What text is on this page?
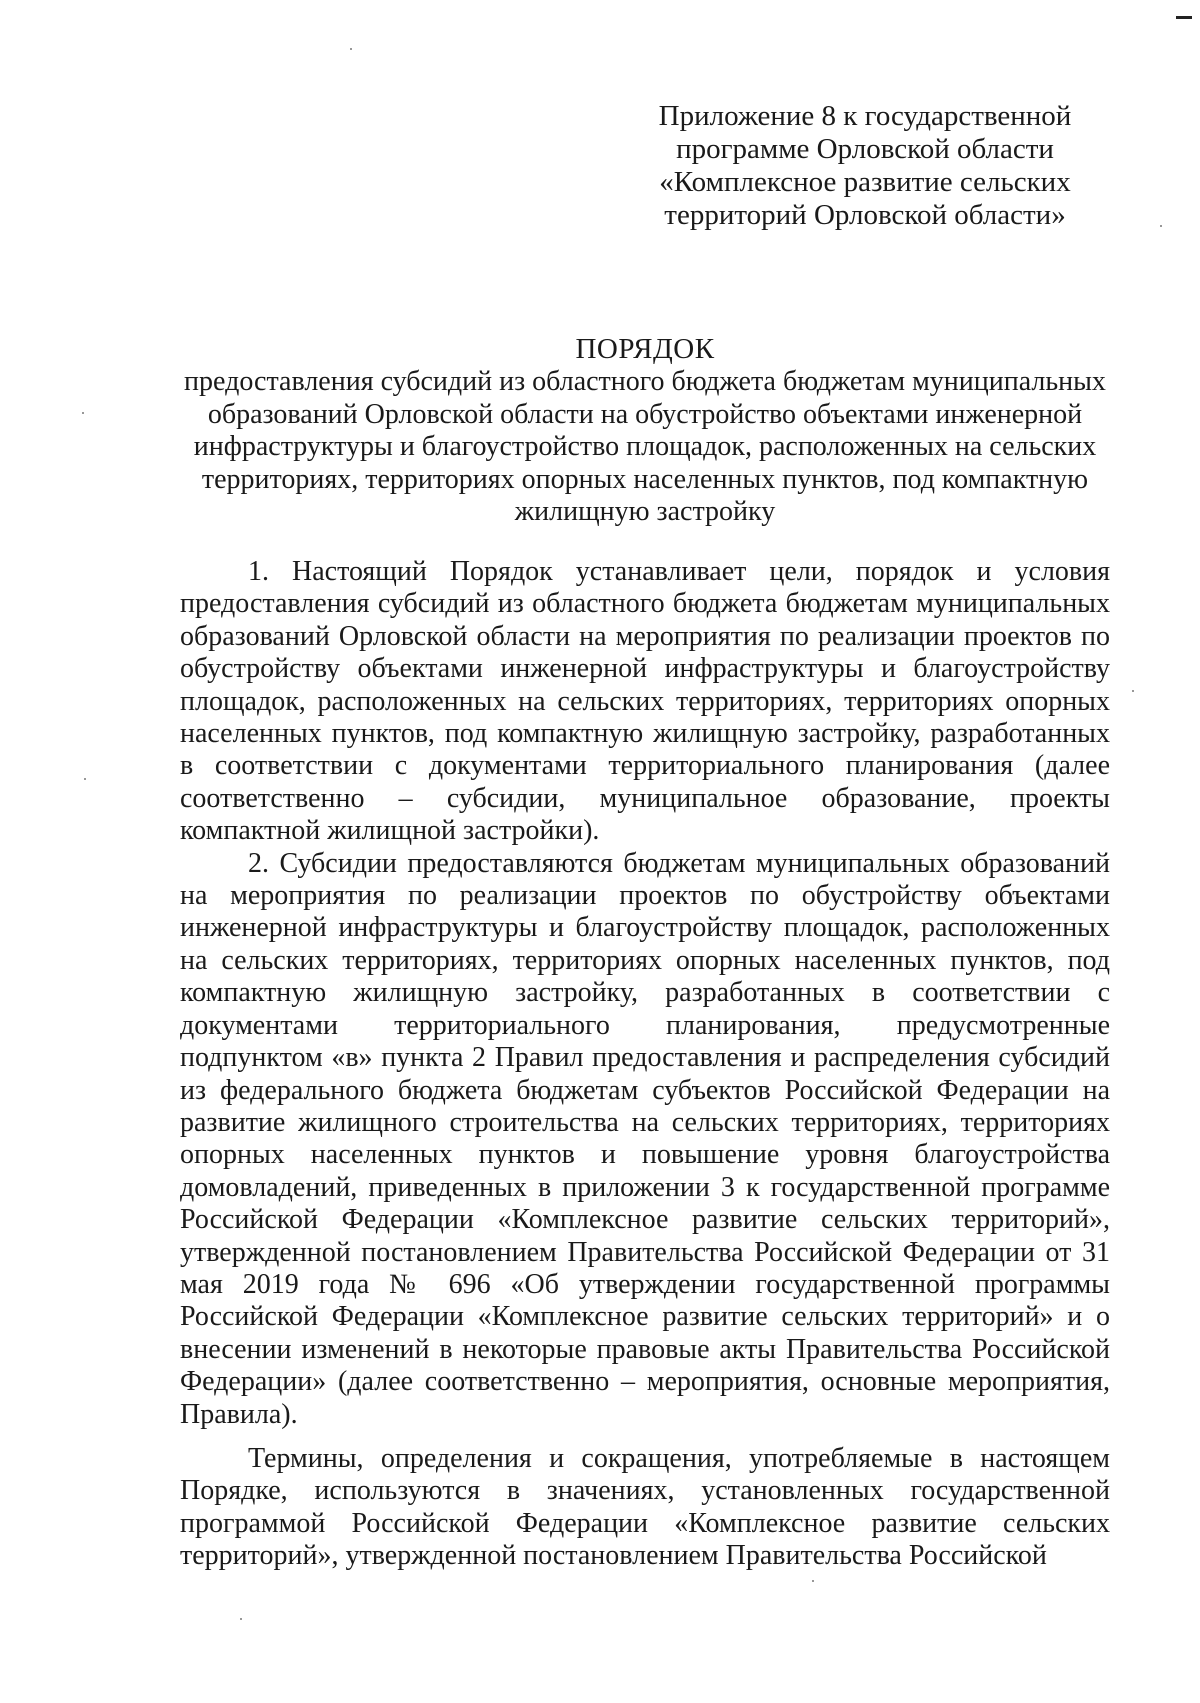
Приложение 8 к государственной
программе Орловской области
«Комплексное развитие сельских
территорий Орловской области»
ПОРЯДОК
предоставления субсидий из областного бюджета бюджетам муниципальных образований Орловской области на обустройство объектами инженерной инфраструктуры и благоустройство площадок, расположенных на сельских территориях, территориях опорных населенных пунктов, под компактную жилищную застройку

1. Настоящий Порядок устанавливает цели, порядок и условия предоставления субсидий из областного бюджета бюджетам муниципальных образований Орловской области на мероприятия по реализации проектов по обустройству объектами инженерной инфраструктуры и благоустройству площадок, расположенных на сельских территориях, территориях опорных населенных пунктов, под компактную жилищную застройку, разработанных в соответствии с документами территориального планирования (далее соответственно – субсидии, муниципальное образование, проекты компактной жилищной застройки).

2. Субсидии предоставляются бюджетам муниципальных образований на мероприятия по реализации проектов по обустройству объектами инженерной инфраструктуры и благоустройству площадок, расположенных на сельских территориях, территориях опорных населенных пунктов, под компактную жилищную застройку, разработанных в соответствии с документами территориального планирования, предусмотренные подпунктом «в» пункта 2 Правил предоставления и распределения субсидий из федерального бюджета бюджетам субъектов Российской Федерации на развитие жилищного строительства на сельских территориях, территориях опорных населенных пунктов и повышение уровня благоустройства домовладений, приведенных в приложении 3 к государственной программе Российской Федерации «Комплексное развитие сельских территорий», утвержденной постановлением Правительства Российской Федерации от 31 мая 2019 года № 696 «Об утверждении государственной программы Российской Федерации «Комплексное развитие сельских территорий» и о внесении изменений в некоторые правовые акты Правительства Российской Федерации» (далее соответственно – мероприятия, основные мероприятия, Правила).

Термины, определения и сокращения, употребляемые в настоящем Порядке, используются в значениях, установленных государственной программой Российской Федерации «Комплексное развитие сельских территорий», утвержденной постановлением Правительства Российской
